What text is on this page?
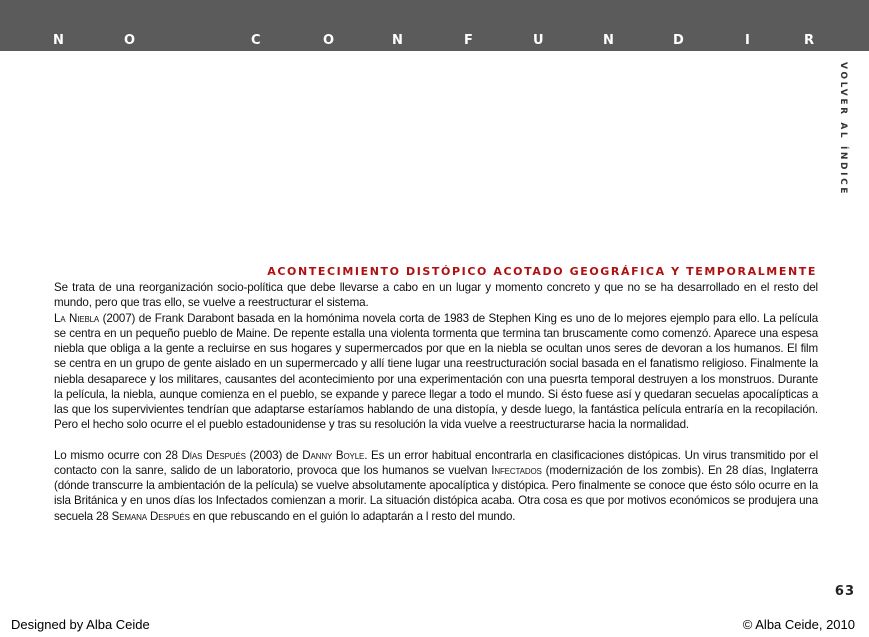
N	O	C	O	N	F	U	N	D	I	R
VOLVER AL ÍNDICE
ACONTECIMIENTO DISTÓPICO ACOTADO GEOGRÁFICA Y TEMPORALMENTE

Se trata de una reorganización socio-política que debe llevarse a cabo en un lugar y momento concreto y que no se ha desarrollado en el resto del mundo, pero que tras ello, se vuelve a reestructurar el sistema.

La Niebla (2007) de Frank Darabont basada en la homónima novela corta de 1983 de Stephen King es uno de lo mejores ejemplo para ello. La película se centra en un pequeño pueblo de Maine. De repente estalla una violenta tormenta que termina tan bruscamente como comenzó. Aparece una espesa niebla que obliga a la gente a recluirse en sus hogares y supermercados por que en la niebla se ocultan unos seres de devoran a los humanos. El film se centra en un grupo de gente aislado en un supermercado y allí tiene lugar una reestructuración social basada en el fanatismo religioso. Finalmente la niebla desaparece y los militares, causantes del acontecimiento por una experimentación con una puesrta temporal destruyen a los monstruos. Durante la película, la niebla, aunque comienza en el pueblo, se expande y parece llegar a todo el mundo. Si ésto fuese así y quedaran secuelas apocalípticas a las que los supervivientes tendrían que adaptarse estaríamos hablando de una distopía, y desde luego, la fantástica película entraría en la recopilación. Pero el hecho solo ocurre el el pueblo estadounidense y tras su resolución la vida vuelve a reestructurarse hacia la normalidad.

Lo mismo ocurre con 28 Días Después (2003) de Danny Boyle. Es un error habitual encontrarla en clasificaciones distópicas. Un virus transmitido por el contacto con la sanre, salido de un laboratorio, provoca que los humanos se vuelvan Infectados (modernización de los zombis). En 28 días, Inglaterra (dónde transcurre la ambientación de la película) se vuelve absolutamente apocalíptica y distópica. Pero finalmente se conoce que ésto sólo ocurre en la isla Británica y en unos días los Infectados comienzan a morir. La situación distópica acaba. Otra cosa es que por motivos económicos se produjera una secuela 28 Semana Después en que rebuscando en el guión lo adaptarán a l resto del mundo.

63
Designed by Alba Ceide	© Alba Ceide, 2010
